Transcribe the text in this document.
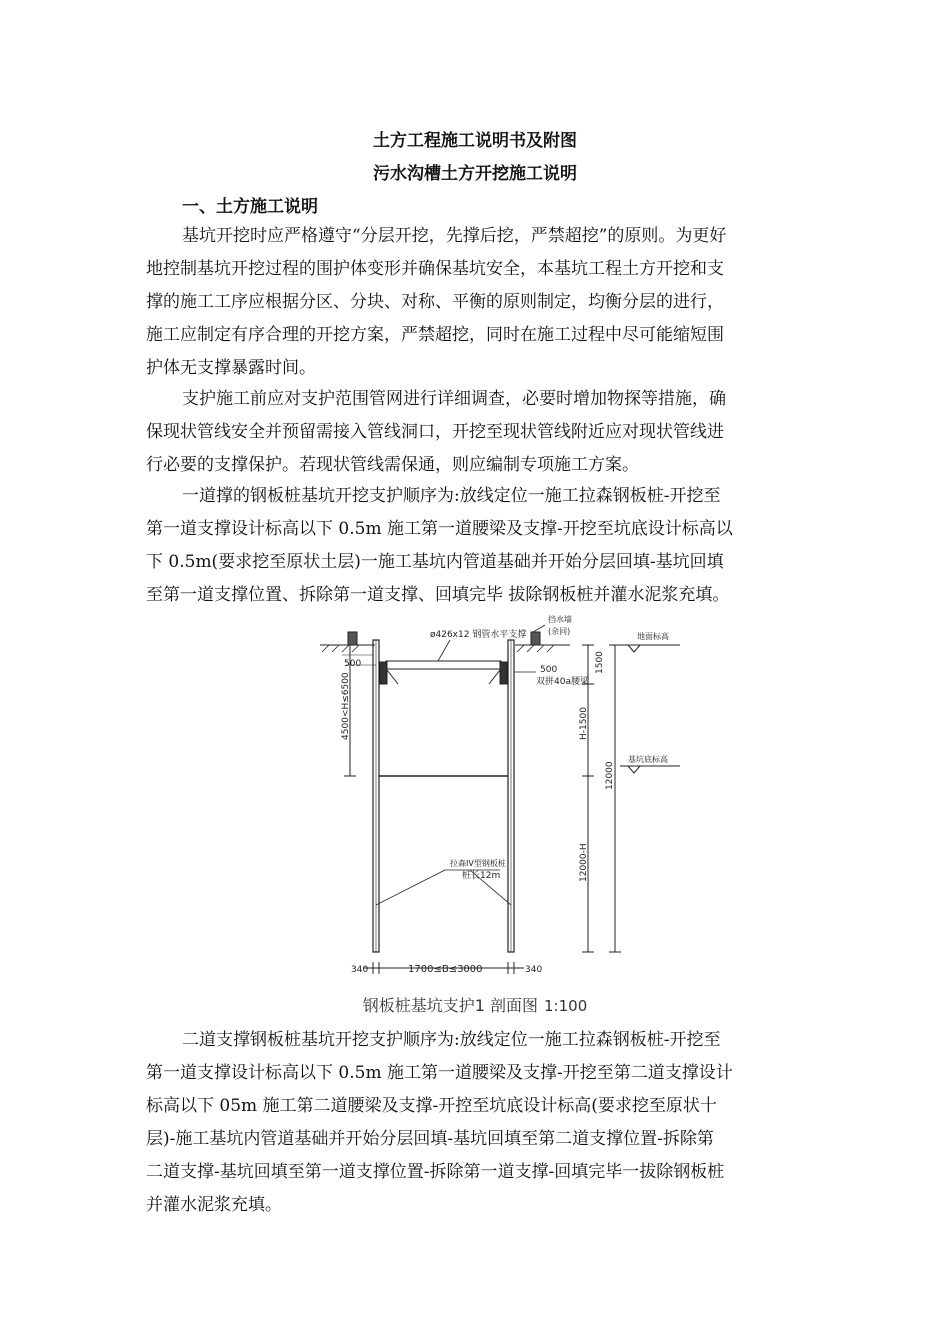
土方工程施工说明书及附图
污水沟槽土方开挖施工说明
一、土方施工说明
基坑开挖时应严格遵守“分层开挖，先撑后挖，严禁超挖”的原则。为更好
地控制基坑开挖过程的围护体变形并确保基坑安全，本基坑工程土方开挖和支
撑的施工工序应根据分区、分块、对称、平衡的原则制定，均衡分层的进行，
施工应制定有序合理的开挖方案，严禁超挖，同时在施工过程中尽可能缩短围
护体无支撑暴露时间。
支护施工前应对支护范围管网进行详细调查，必要时增加物探等措施，确
保现状管线安全并预留需接入管线洞口，开挖至现状管线附近应对现状管线进
行必要的支撑保护。若现状管线需保通，则应编制专项施工方案。
一道撑的钢板桩基坑开挖支护顺序为:放线定位一施工拉森钢板桩-开挖至
第一道支撑设计标高以下 0.5m 施工第一道腰梁及支撑-开挖至坑底设计标高以
下 0.5m(要求挖至原状土层)一施工基坑内管道基础并开始分层回填-基坑回填
至第一道支撑位置、拆除第一道支撑、回填完毕 拔除钢板桩并灌水泥浆充填。
ø426x12 钢管水平支撑
挡水墙
(余同)
地面标高
基坑底标高
500
500
双拼40a腰梁
1500
H-1500
12000
12000-H
4500<H≤6500
拉森IV型钢板桩
桩长12m
340	1700≤B≤3000	340
钢板桩基坑支护1 剖面图 1:100
二道支撑钢板桩基坑开挖支护顺序为:放线定位一施工拉森钢板桩-开挖至
第一道支撑设计标高以下 0.5m 施工第一道腰梁及支撑-开挖至第二道支撑设计
标高以下 05m 施工第二道腰梁及支撑-开控至坑底设计标高(要求挖至原状十
层)-施工基坑内管道基础并开始分层回填-基坑回填至第二道支撑位置-拆除第
二道支撑-基坑回填至第一道支撑位置-拆除第一道支撑-回填完毕一拔除钢板桩
并灌水泥浆充填。
